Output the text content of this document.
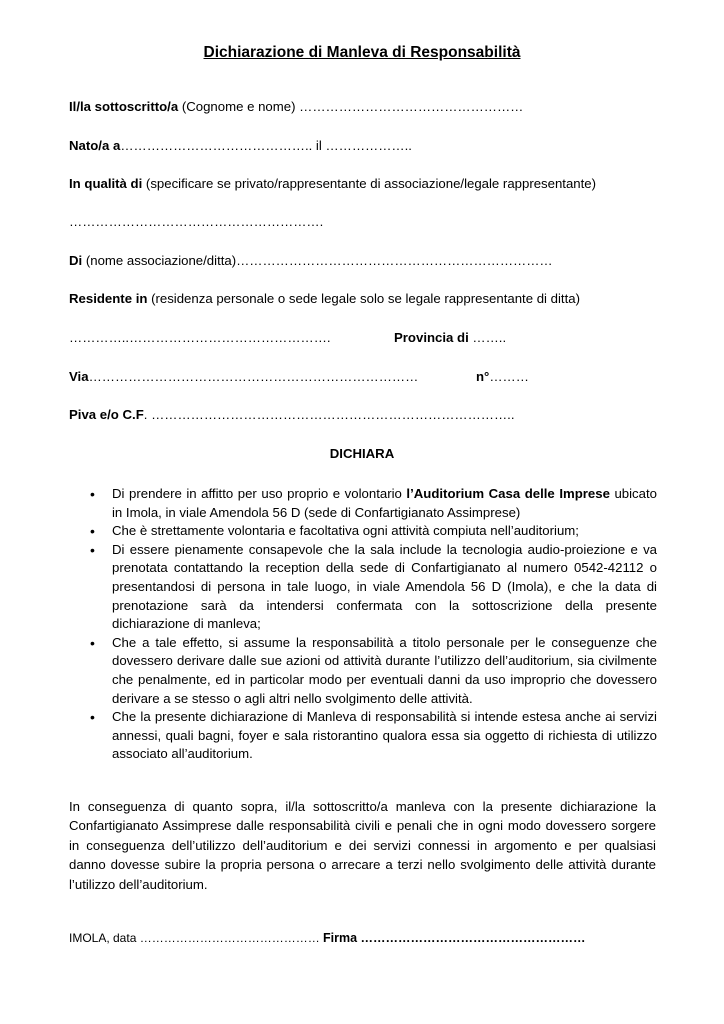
Dichiarazione di Manleva di Responsabilità
Il/la sottoscritto/a (Cognome e nome) ……………………………………………
Nato/a a…………………………………….. il ………………..
In qualità di (specificare se privato/rappresentante di associazione/legale rappresentante)
………………………………………………….
Di (nome associazione/ditta)………………………………………………………………
Residente in (residenza personale o sede legale solo se legale rappresentante di ditta)
…………..……………………………………….	Provincia di ……..
Via…………………………………………………………………	n°………
Piva e/o C.F. ………………………………………………………………………..
DICHIARA
• Di prendere in affitto per uso proprio e volontario l’Auditorium Casa delle Imprese ubicato in Imola, in viale Amendola 56 D (sede di Confartigianato Assimprese)
• Che è strettamente volontaria e facoltativa ogni attività compiuta nell’auditorium;
• Di essere pienamente consapevole che la sala include la tecnologia audio-proiezione e va prenotata contattando la reception della sede di Confartigianato al numero 0542-42112 o presentandosi di persona in tale luogo, in viale Amendola 56 D (Imola), e che la data di prenotazione sarà da intendersi confermata con la sottoscrizione della presente dichiarazione di manleva;
• Che a tale effetto, si assume la responsabilità a titolo personale per le conseguenze che dovessero derivare dalle sue azioni od attività durante l’utilizzo dell’auditorium, sia civilmente che penalmente, ed in particolar modo per eventuali danni da uso improprio che dovessero derivare a se stesso o agli altri nello svolgimento delle attività.
• Che la presente dichiarazione di Manleva di responsabilità si intende estesa anche ai servizi annessi, quali bagni, foyer e sala ristorantino qualora essa sia oggetto di richiesta di utilizzo associato all’auditorium.
In conseguenza di quanto sopra, il/la sottoscritto/a manleva con la presente dichiarazione la Confartigianato Assimprese dalle responsabilità civili e penali che in ogni modo dovessero sorgere in conseguenza dell’utilizzo dell’auditorium e dei servizi connessi in argomento e per qualsiasi danno dovesse subire la propria persona o arrecare a terzi nello svolgimento delle attività durante l’utilizzo dell’auditorium.
IMOLA, data ……………………………………… Firma ………………………………………………
